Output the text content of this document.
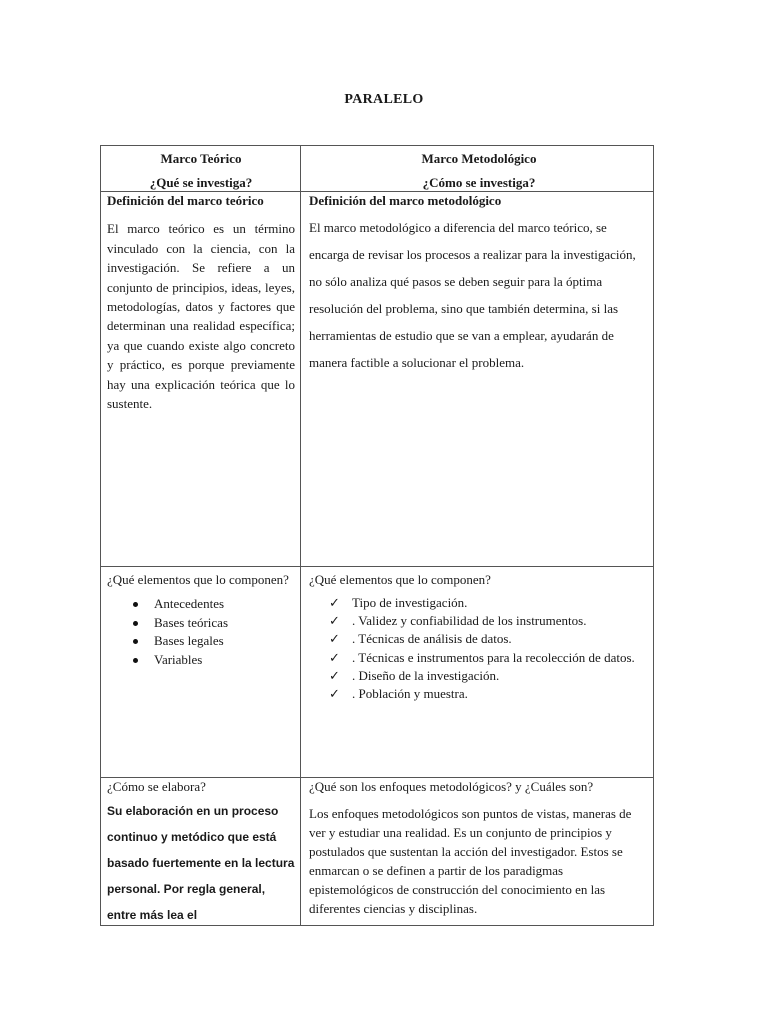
PARALELO
Marco Teórico
¿Qué se investiga?
Marco Metodológico
¿Cómo se investiga?
Definición del marco teórico
El marco teórico es un término vinculado con la ciencia, con la investigación. Se refiere a un conjunto de principios, ideas, leyes, metodologías, datos y factores que determinan una realidad específica; ya que cuando existe algo concreto y práctico, es porque previamente hay una explicación teórica que lo sustente.
Definición del marco metodológico
El marco metodológico a diferencia del marco teórico, se encarga de revisar los procesos a realizar para la investigación, no sólo analiza qué pasos se deben seguir para la óptima resolución del problema, sino que también determina, si las herramientas de estudio que se van a emplear, ayudarán de manera factible a solucionar el problema.
¿Qué elementos que lo componen?
Antecedentes
Bases teóricas
Bases legales
Variables
¿Qué elementos que lo componen?
✓ Tipo de investigación.
✓ . Validez y confiabilidad de los instrumentos.
✓ . Técnicas de análisis de datos.
✓ . Técnicas e instrumentos para la recolección de datos.
✓ . Diseño de la investigación.
✓ . Población y muestra.
¿Cómo se elabora?
Su elaboración en un proceso continuo y metódico que está basado fuertemente en la lectura personal. Por regla general, entre más lea el
¿Qué son los enfoques metodológicos? y ¿Cuáles son?
Los enfoques metodológicos son puntos de vistas, maneras de ver y estudiar una realidad. Es un conjunto de principios y postulados que sustentan la acción del investigador. Estos se enmarcan o se definen a partir de los paradigmas epistemológicos de construcción del conocimiento en las diferentes ciencias y disciplinas.
